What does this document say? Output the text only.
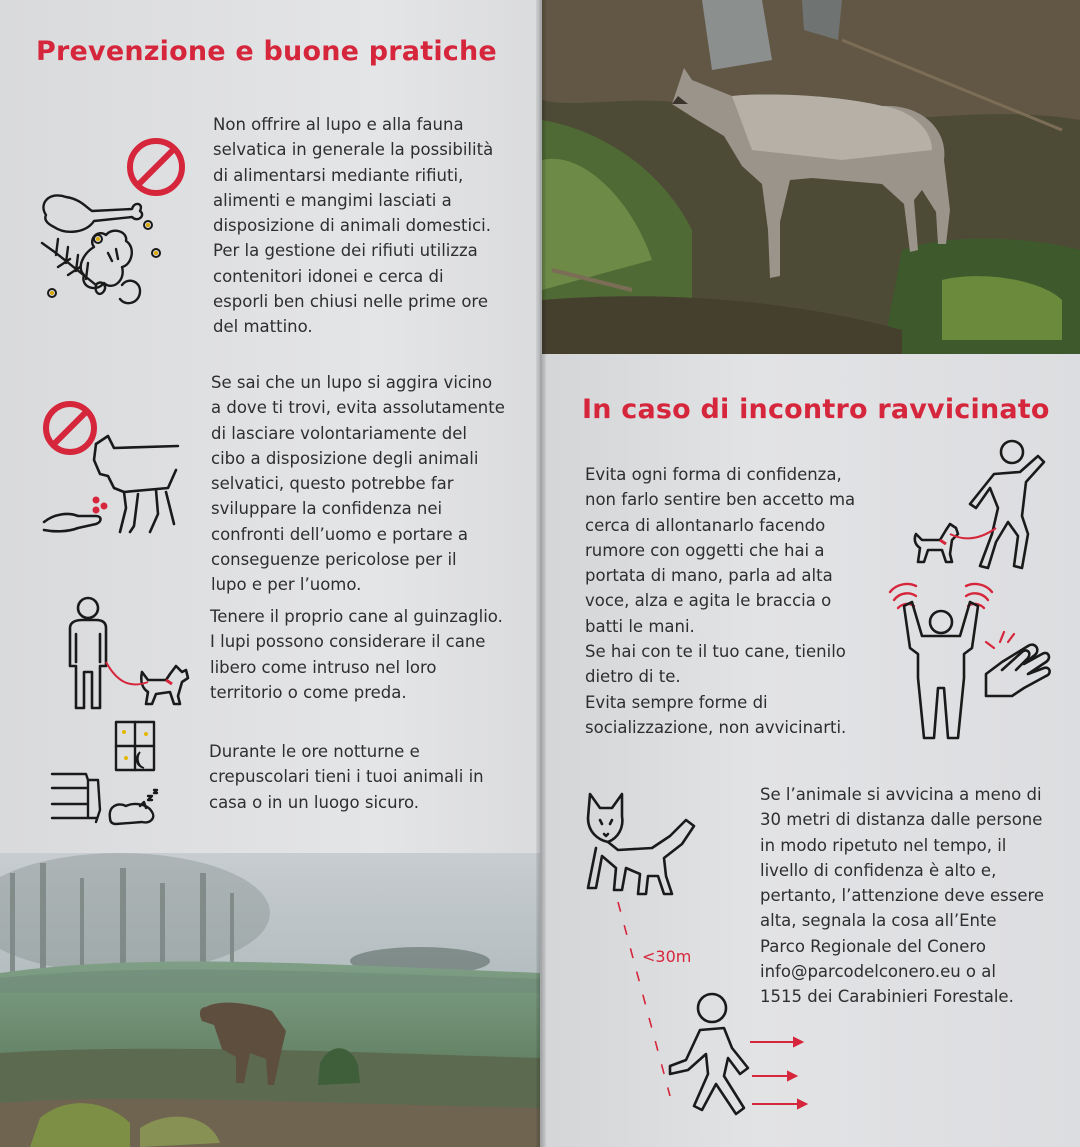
Prevenzione e buone pratiche

Non offrire al lupo e alla fauna
selvatica in generale la possibilità
di alimentarsi mediante rifiuti,
alimenti e mangimi lasciati a
disposizione di animali domestici.
Per la gestione dei rifiuti utilizza
contenitori idonei e cerca di
esporli ben chiusi nelle prime ore
del mattino.

Se sai che un lupo si aggira vicino
a dove ti trovi, evita assolutamente
di lasciare volontariamente del
cibo a disposizione degli animali
selvatici, questo potrebbe far
sviluppare la confidenza nei
confronti dell’uomo e portare a
conseguenze pericolose per il
lupo e per l’uomo.

Tenere il proprio cane al guinzaglio.
I lupi possono considerare il cane
libero come intruso nel loro
territorio o come preda.

Durante le ore notturne e
crepuscolari tieni i tuoi animali in
casa o in un luogo sicuro.

In caso di incontro ravvicinato

Evita ogni forma di confidenza,
non farlo sentire ben accetto ma
cerca di allontanarlo facendo
rumore con oggetti che hai a
portata di mano, parla ad alta
voce, alza e agita le braccia o
batti le mani.
Se hai con te il tuo cane, tienilo
dietro di te.
Evita sempre forme di
socializzazione, non avvicinarti.

Se l’animale si avvicina a meno di
30 metri di distanza dalle persone
in modo ripetuto nel tempo, il
livello di confidenza è alto e,
pertanto, l’attenzione deve essere
alta, segnala la cosa all’Ente
Parco Regionale del Conero
info@parcodelconero.eu o al
1515 dei Carabinieri Forestale.

<30m
